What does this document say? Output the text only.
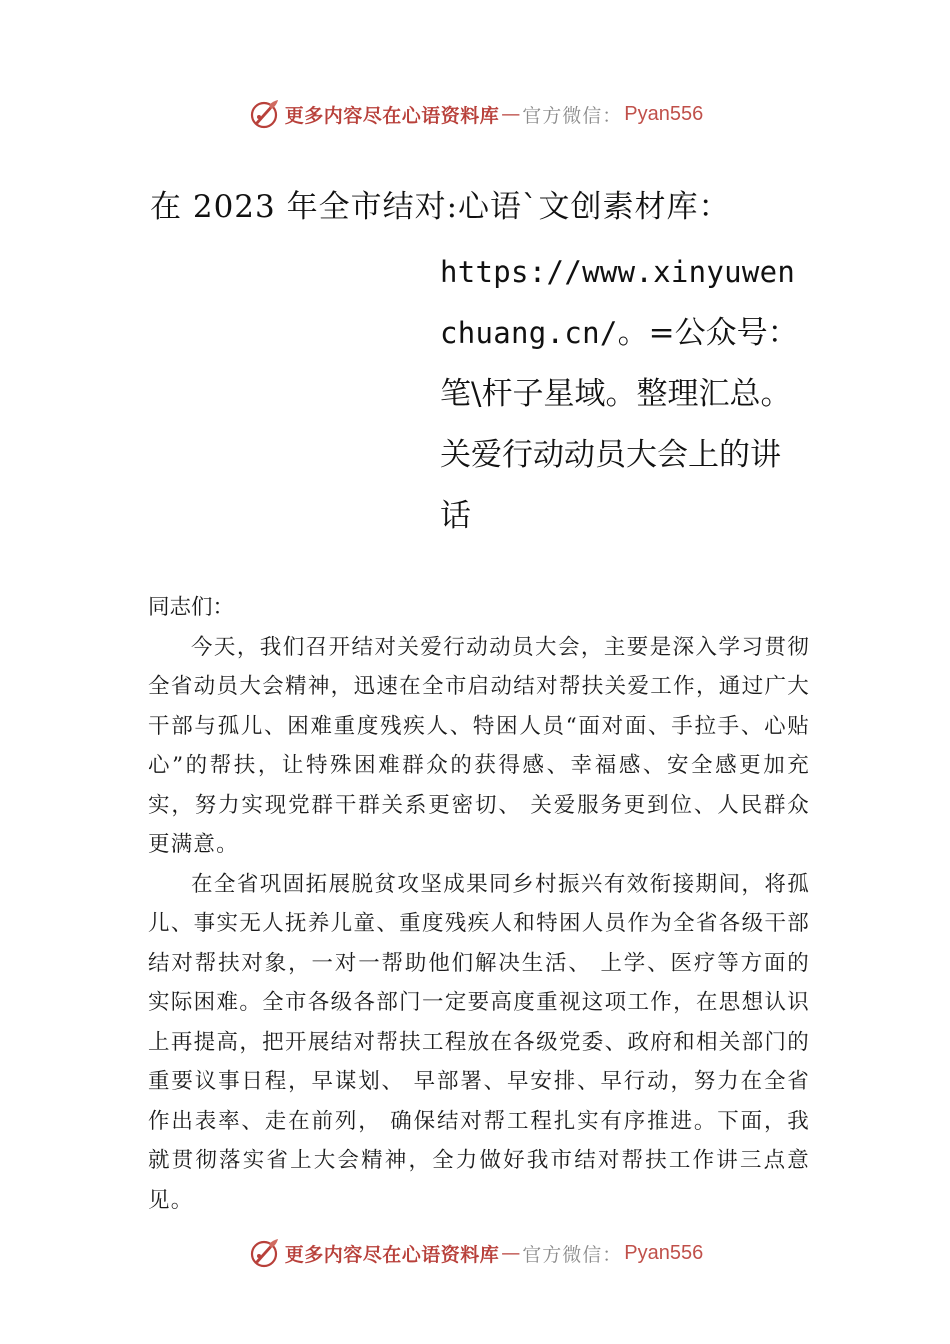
更多内容尽在心语资料库 — 官方微信： Pyan556
在 2023 年全市结对:心语`文创素材库：
https://www.xinyuwenchuang.cn/。=公众号：笔\杆子星域。整理汇总。关爱行动动员大会上的讲话

同志们：

今天，我们召开结对关爱行动动员大会，主要是深入学习贯彻全省动员大会精神，迅速在全市启动结对帮扶关爱工作，通过广大干部与孤儿、困难重度残疾人、特困人员“面对面、手拉手、心贴心”的帮扶，让特殊困难群众的获得感、幸福感、安全感更加充实，努力实现党群干群关系更密切、 关爱服务更到位、人民群众更满意。

在全省巩固拓展脱贫攻坚成果同乡村振兴有效衔接期间，将孤儿、事实无人抚养儿童、重度残疾人和特困人员作为全省各级干部结对帮扶对象，一对一帮助他们解决生活、 上学、医疗等方面的实际困难。全市各级各部门一定要高度重视这项工作，在思想认识上再提高，把开展结对帮扶工程放在各级党委、政府和相关部门的重要议事日程，早谋划、 早部署、早安排、早行动，努力在全省作出表率、走在前列， 确保结对帮工程扎实有序推进。下面，我就贯彻落实省上大会精神，全力做好我市结对帮扶工作讲三点意见。

更多内容尽在心语资料库 — 官方微信： Pyan556
